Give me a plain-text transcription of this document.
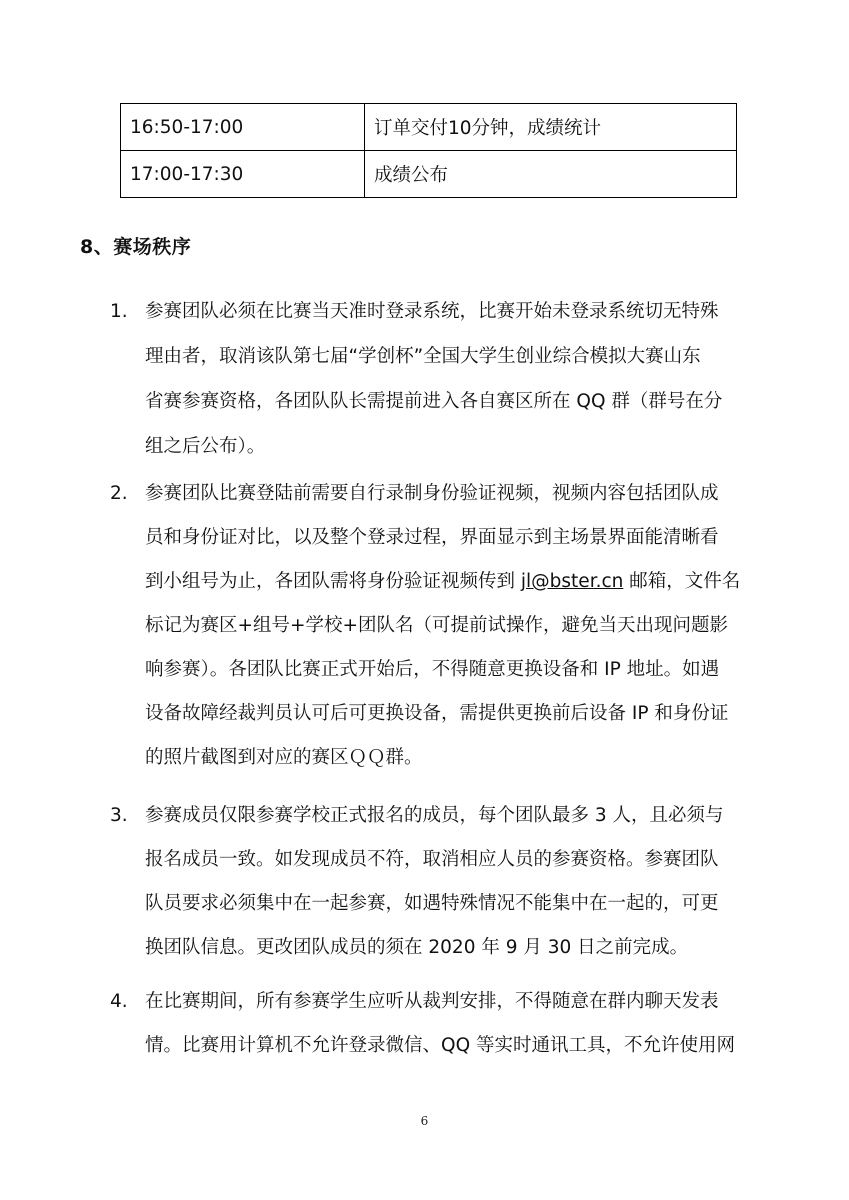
16:50-17:00	订单交付10分钟，成绩统计
17:00-17:30	成绩公布
8、赛场秩序
1. 参赛团队必须在比赛当天准时登录系统，比赛开始未登录系统切无特殊
理由者，取消该队第七届“学创杯”全国大学生创业综合模拟大赛山东
省赛参赛资格，各团队队长需提前进入各自赛区所在 QQ 群（群号在分
组之后公布）。
2. 参赛团队比赛登陆前需要自行录制身份验证视频，视频内容包括团队成
员和身份证对比，以及整个登录过程，界面显示到主场景界面能清晰看
到小组号为止，各团队需将身份验证视频传到 jl@bster.cn 邮箱，文件名
标记为赛区+组号+学校+团队名（可提前试操作，避免当天出现问题影
响参赛）。各团队比赛正式开始后，不得随意更换设备和 IP 地址。如遇
设备故障经裁判员认可后可更换设备，需提供更换前后设备 IP 和身份证
的照片截图到对应的赛区ＱＱ群。
3. 参赛成员仅限参赛学校正式报名的成员，每个团队最多 3 人，且必须与
报名成员一致。如发现成员不符，取消相应人员的参赛资格。参赛团队
队员要求必须集中在一起参赛，如遇特殊情况不能集中在一起的，可更
换团队信息。更改团队成员的须在 2020 年 9 月 30 日之前完成。
4. 在比赛期间，所有参赛学生应听从裁判安排，不得随意在群内聊天发表
情。比赛用计算机不允许登录微信、QQ 等实时通讯工具，不允许使用网
6
